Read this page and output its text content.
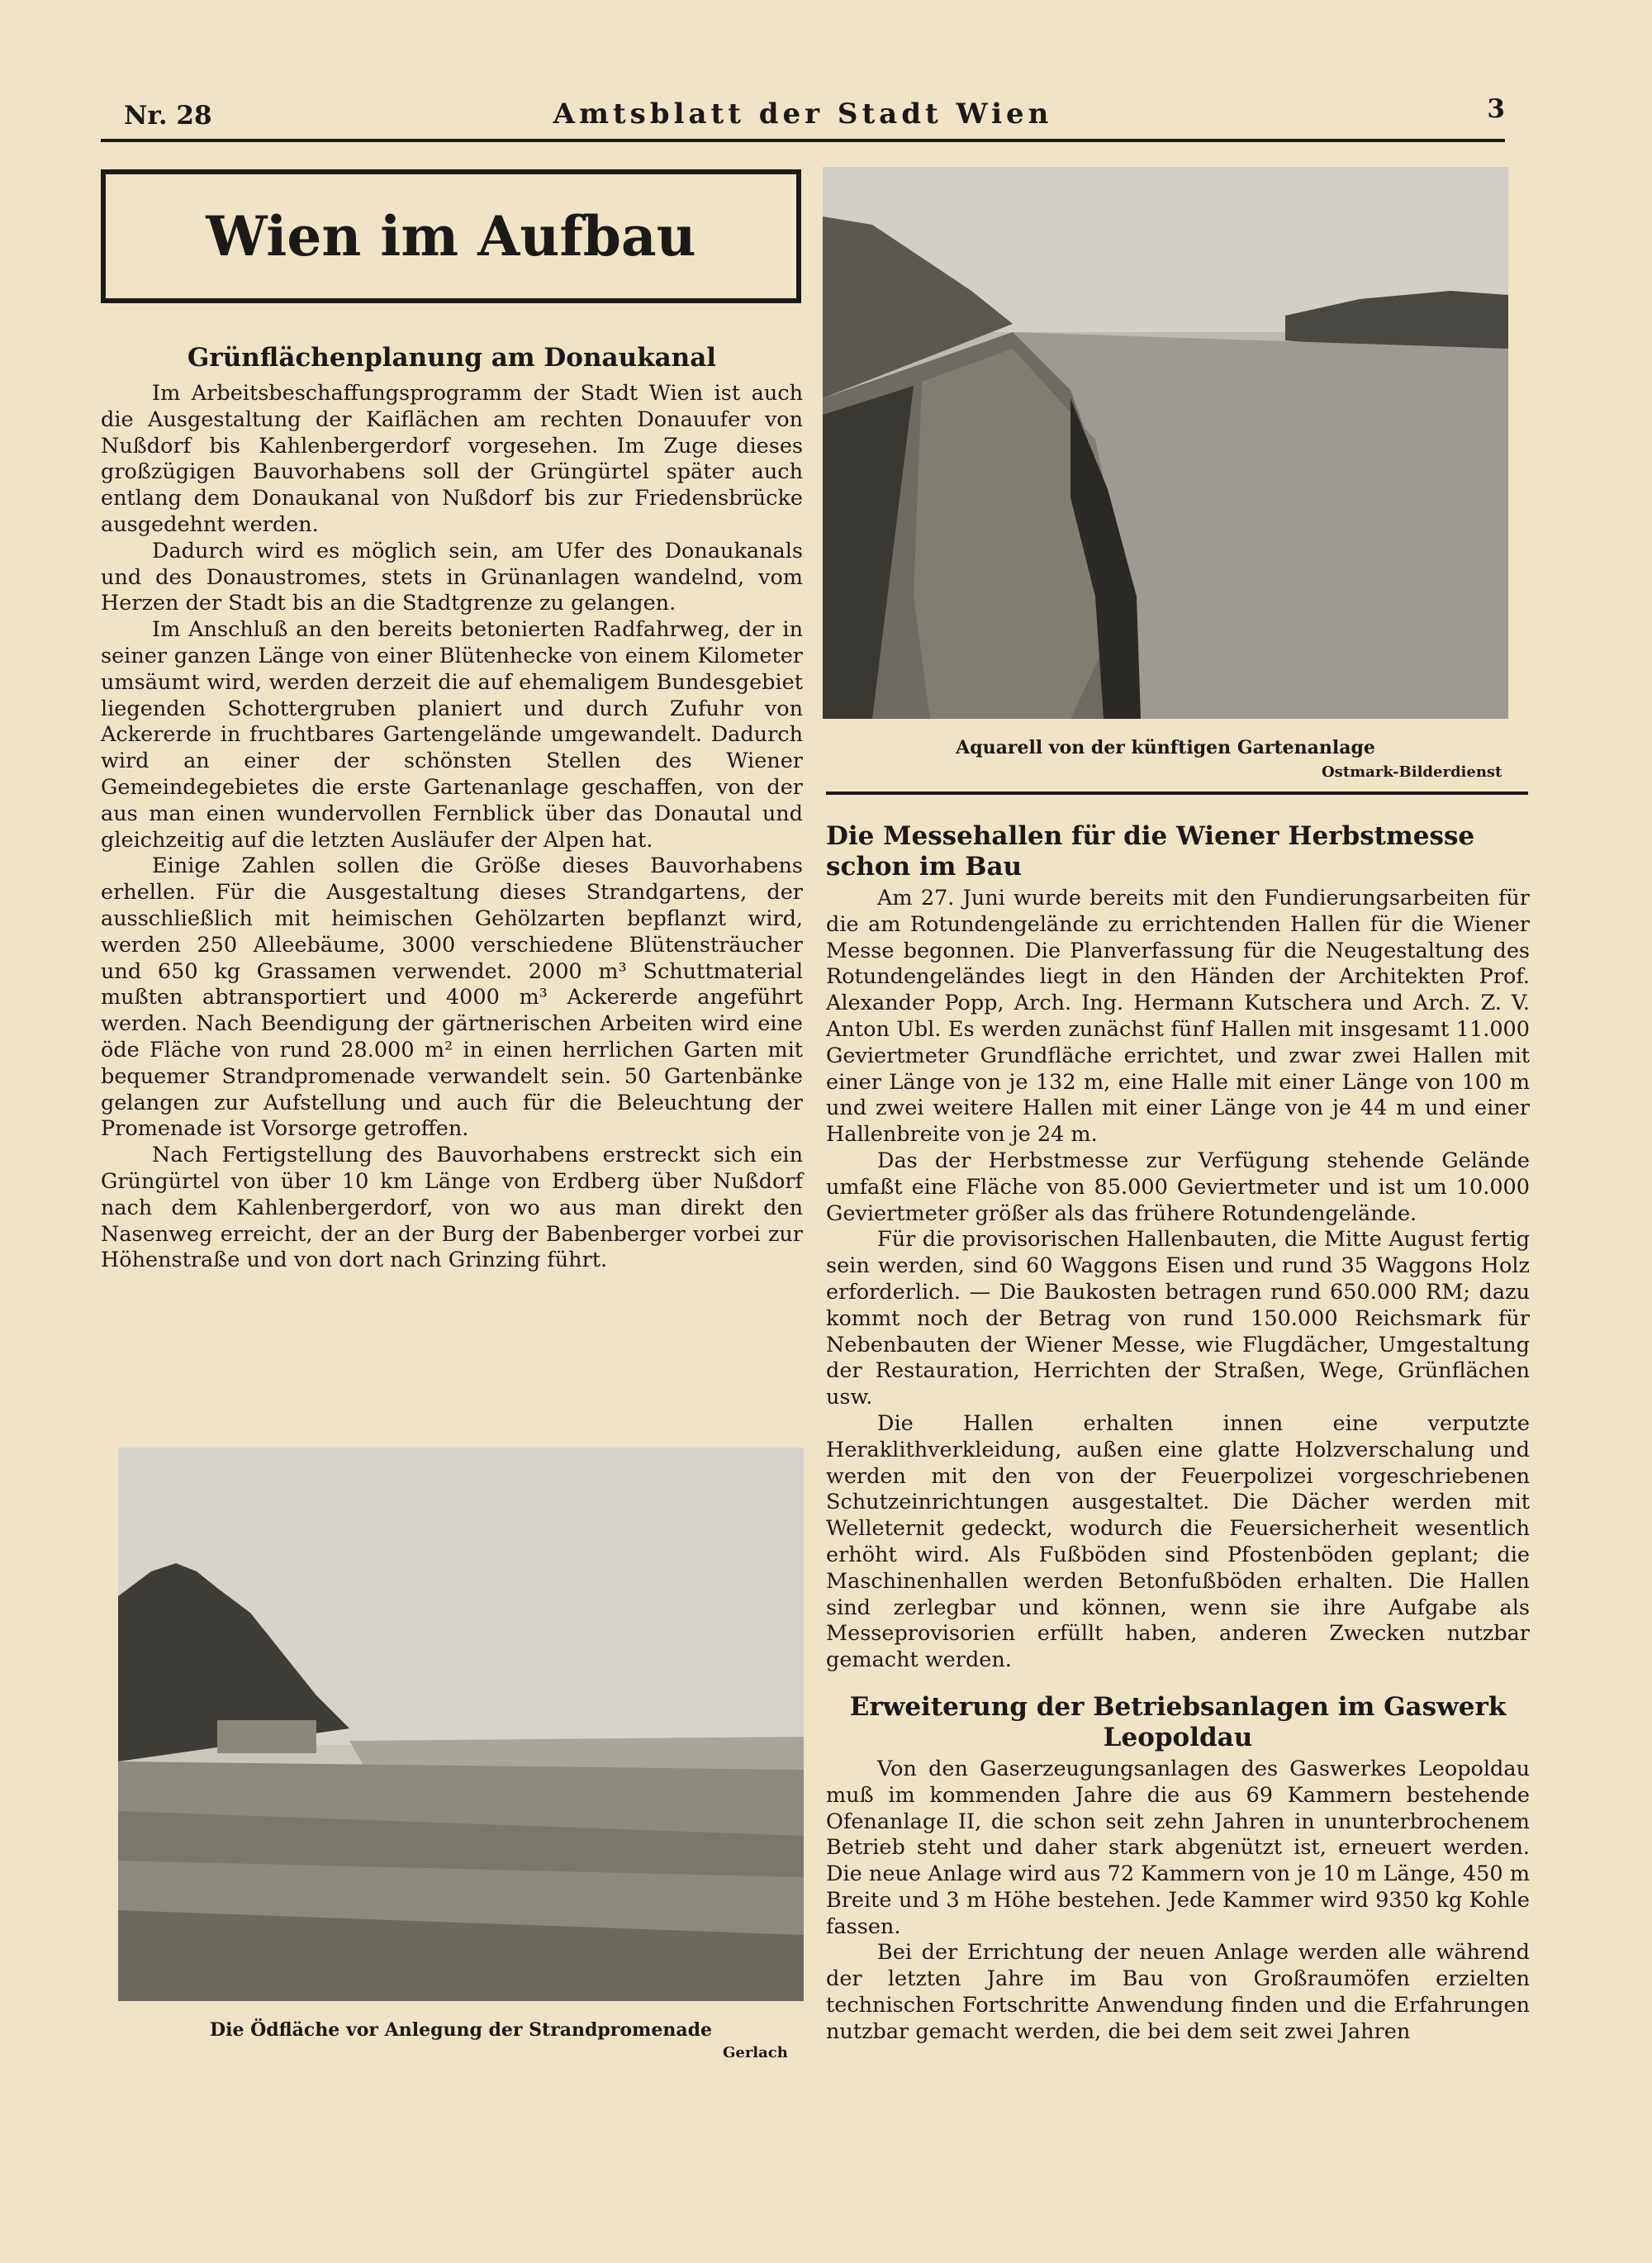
Nr. 28	Amtsblatt der Stadt Wien	3
Wien im Aufbau
Grünflächenplanung am Donaukanal

Im Arbeitsbeschaffungsprogramm der Stadt Wien ist auch die Ausgestaltung der Kaiflächen am rechten Donauufer von Nußdorf bis Kahlenbergerdorf vorgesehen. Im Zuge dieses großzügigen Bauvorhabens soll der Grüngürtel später auch entlang dem Donaukanal von Nußdorf bis zur Friedensbrücke ausgedehnt werden.

Dadurch wird es möglich sein, am Ufer des Donaukanals und des Donaustromes, stets in Grünanlagen wandelnd, vom Herzen der Stadt bis an die Stadtgrenze zu gelangen.

Im Anschluß an den bereits betonierten Radfahrweg, der in seiner ganzen Länge von einer Blütenhecke von einem Kilometer umsäumt wird, werden derzeit die auf ehemaligem Bundesgebiet liegenden Schottergruben planiert und durch Zufuhr von Ackererde in fruchtbares Gartengelände umgewandelt. Dadurch wird an einer der schönsten Stellen des Wiener Gemeindegebietes die erste Gartenanlage geschaffen, von der aus man einen wundervollen Fernblick über das Donautal und gleichzeitig auf die letzten Ausläufer der Alpen hat.

Einige Zahlen sollen die Größe dieses Bauvorhabens erhellen. Für die Ausgestaltung dieses Strandgartens, der ausschließlich mit heimischen Gehölzarten bepflanzt wird, werden 250 Alleebäume, 3000 verschiedene Blütensträucher und 650 kg Grassamen verwendet. 2000 m³ Schuttmaterial mußten abtransportiert und 4000 m³ Ackererde angeführt werden. Nach Beendigung der gärtnerischen Arbeiten wird eine öde Fläche von rund 28.000 m² in einen herrlichen Garten mit bequemer Strandpromenade verwandelt sein. 50 Gartenbänke gelangen zur Aufstellung und auch für die Beleuchtung der Promenade ist Vorsorge getroffen.

Nach Fertigstellung des Bauvorhabens erstreckt sich ein Grüngürtel von über 10 km Länge von Erdberg über Nußdorf nach dem Kahlenbergerdorf, von wo aus man direkt den Nasenweg erreicht, der an der Burg der Babenberger vorbei zur Höhenstraße und von dort nach Grinzing führt.

Aquarell von der künftigen Gartenanlage
Ostmark-Bilderdienst
Die Messehallen für die Wiener Herbstmesse schon im Bau

Am 27. Juni wurde bereits mit den Fundierungsarbeiten für die am Rotundengelände zu errichtenden Hallen für die Wiener Messe begonnen. Die Planverfassung für die Neugestaltung des Rotundengeländes liegt in den Händen der Architekten Prof. Alexander Popp, Arch. Ing. Hermann Kutschera und Arch. Z. V. Anton Ubl. Es werden zunächst fünf Hallen mit insgesamt 11.000 Geviertmeter Grundfläche errichtet, und zwar zwei Hallen mit einer Länge von je 132 m, eine Halle mit einer Länge von 100 m und zwei weitere Hallen mit einer Länge von je 44 m und einer Hallenbreite von je 24 m.

Das der Herbstmesse zur Verfügung stehende Gelände umfaßt eine Fläche von 85.000 Geviertmeter und ist um 10.000 Geviertmeter größer als das frühere Rotundengelände.

Für die provisorischen Hallenbauten, die Mitte August fertig sein werden, sind 60 Waggons Eisen und rund 35 Waggons Holz erforderlich. — Die Baukosten betragen rund 650.000 RM; dazu kommt noch der Betrag von rund 150.000 Reichsmark für Nebenbauten der Wiener Messe, wie Flugdächer, Umgestaltung der Restauration, Herrichten der Straßen, Wege, Grünflächen usw.

Die Hallen erhalten innen eine verputzte Heraklithverkleidung, außen eine glatte Holzverschalung und werden mit den von der Feuerpolizei vorgeschriebenen Schutzeinrichtungen ausgestaltet. Die Dächer werden mit Welleternit gedeckt, wodurch die Feuersicherheit wesentlich erhöht wird. Als Fußböden sind Pfostenböden geplant; die Maschinenhallen werden Betonfußböden erhalten. Die Hallen sind zerlegbar und können, wenn sie ihre Aufgabe als Messeprovisorien erfüllt haben, anderen Zwecken nutzbar gemacht werden.

Erweiterung der Betriebsanlagen im Gaswerk Leopoldau

Von den Gaserzeugungsanlagen des Gaswerkes Leopoldau muß im kommenden Jahre die aus 69 Kammern bestehende Ofenanlage II, die schon seit zehn Jahren in ununterbrochenem Betrieb steht und daher stark abgenützt ist, erneuert werden. Die neue Anlage wird aus 72 Kammern von je 10 m Länge, 450 m Breite und 3 m Höhe bestehen. Jede Kammer wird 9350 kg Kohle fassen.

Bei der Errichtung der neuen Anlage werden alle während der letzten Jahre im Bau von Großraumöfen erzielten technischen Fortschritte Anwendung finden und die Erfahrungen nutzbar gemacht werden, die bei dem seit zwei Jahren

Die Ödfläche vor Anlegung der Strandpromenade
Gerlach
